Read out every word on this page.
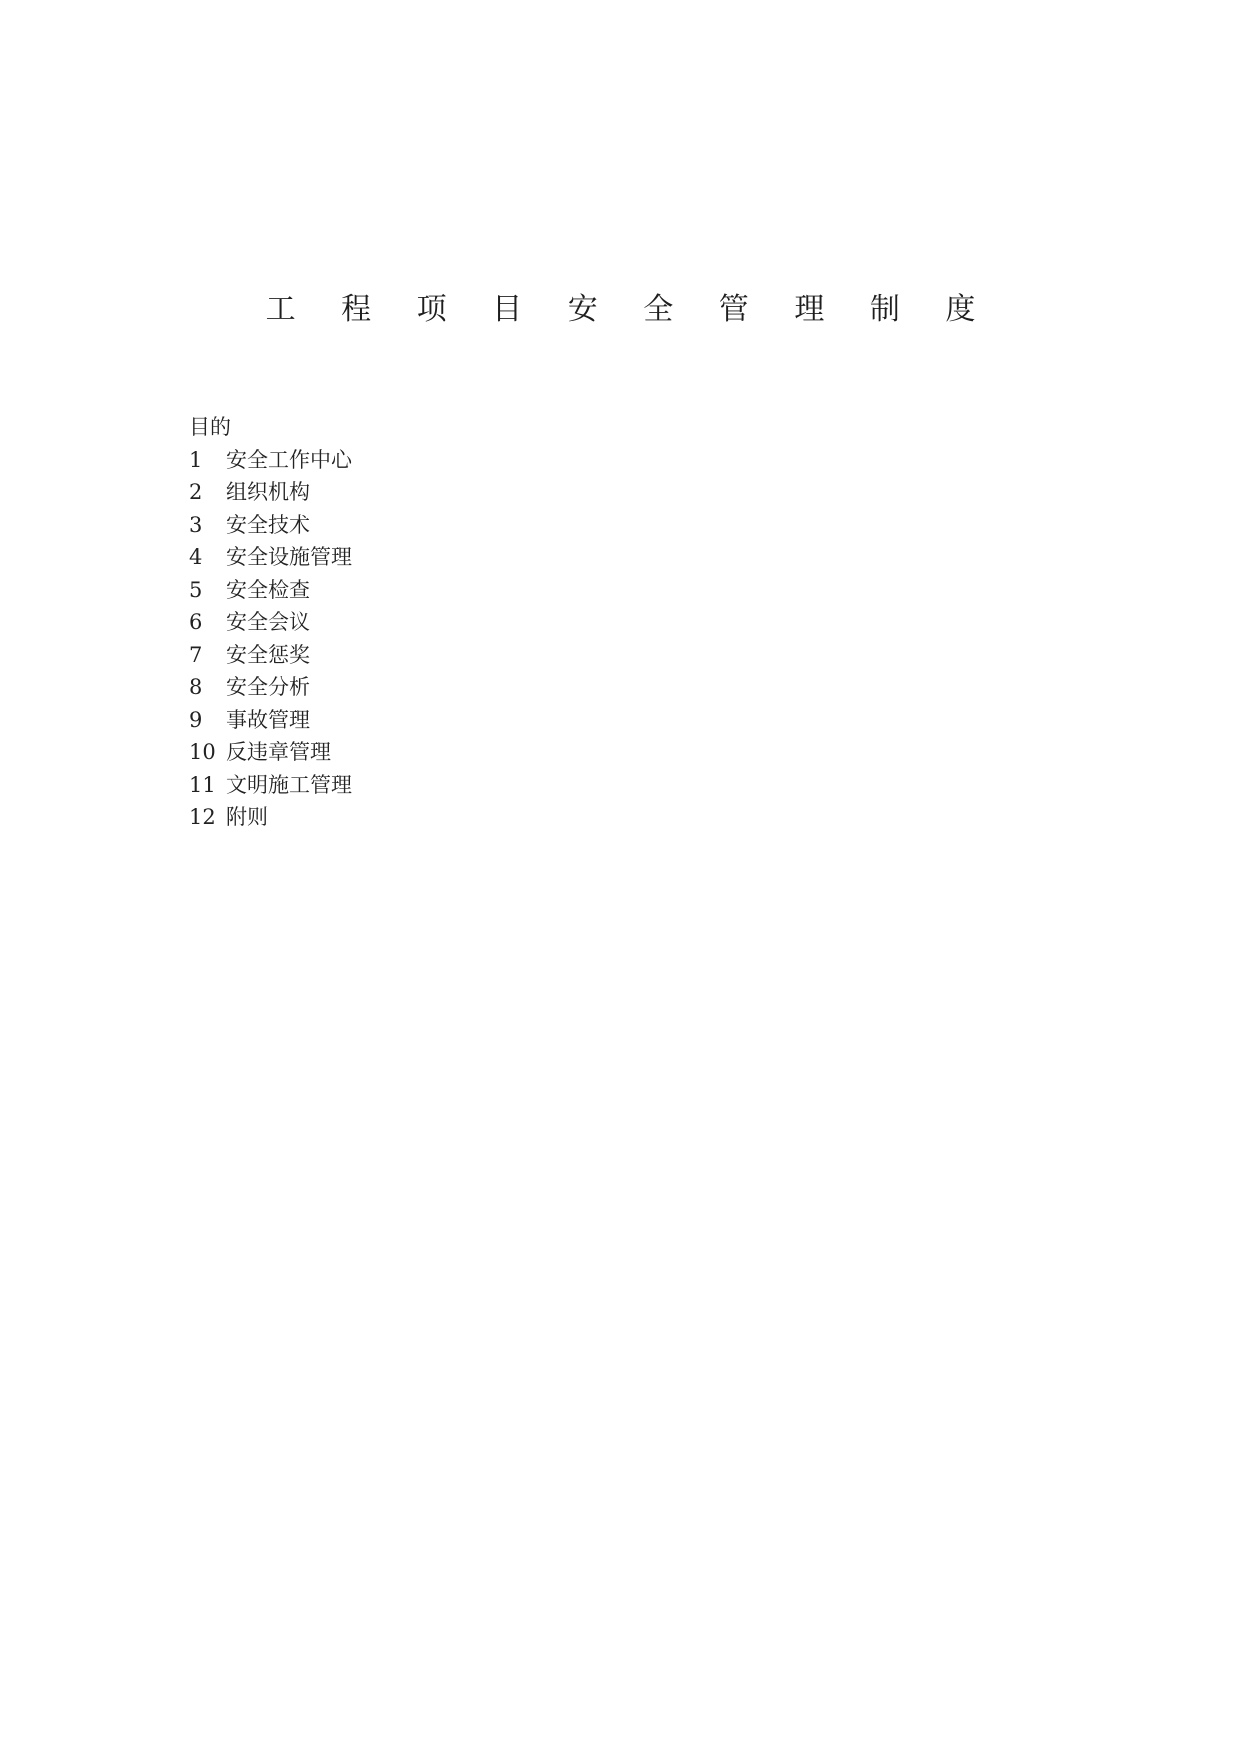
工 程 项 目 安 全 管 理 制 度
目的
1	安全工作中心
2	组织机构
3	安全技术
4	安全设施管理
5	安全检查
6	安全会议
7	安全惩奖
8	安全分析
9	事故管理
10 反违章管理
11 文明施工管理
12 附则
